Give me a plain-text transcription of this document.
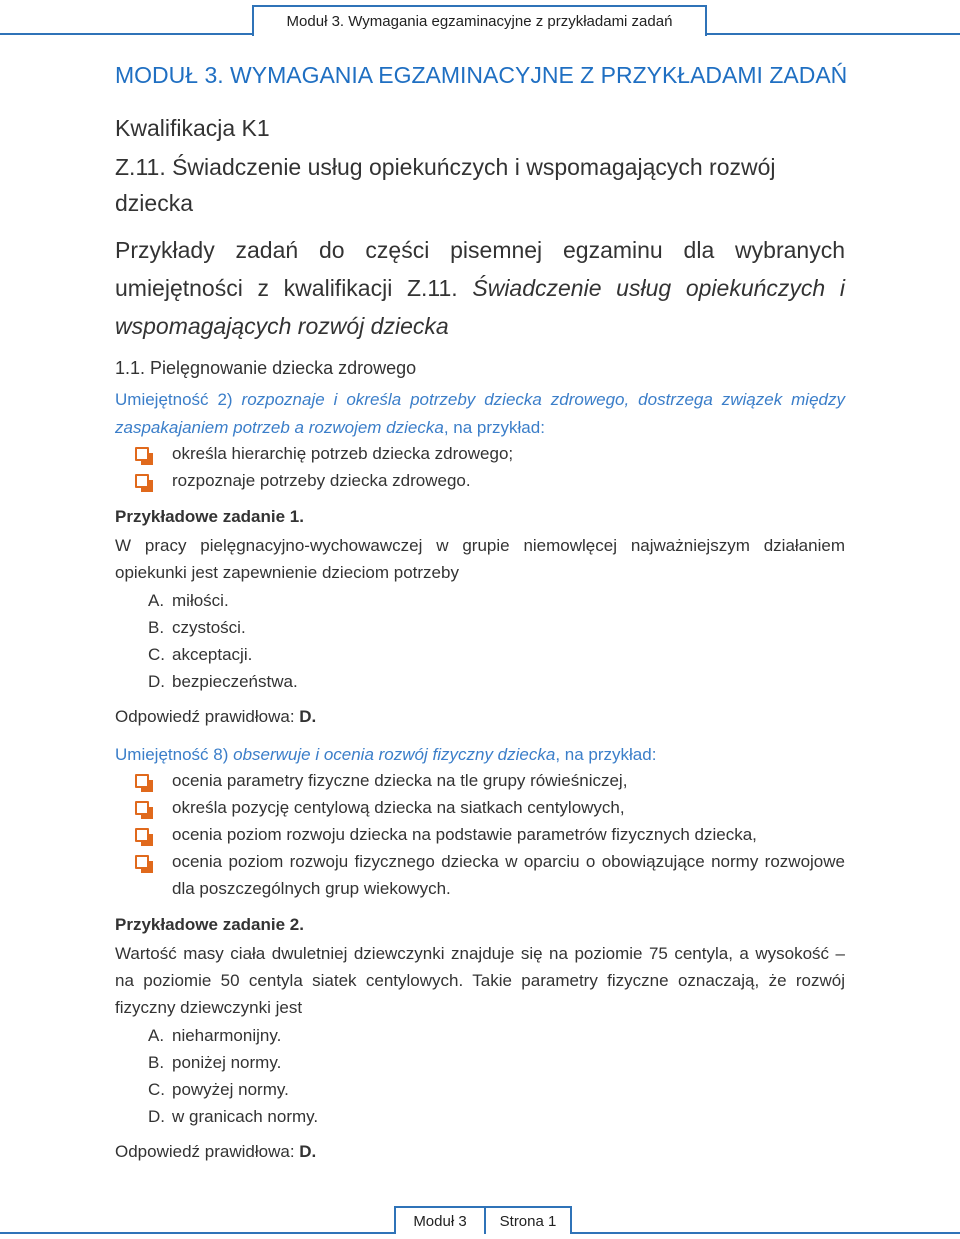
Moduł 3. Wymagania egzaminacyjne z przykładami zadań
MODUŁ 3. WYMAGANIA EGZAMINACYJNE Z PRZYKŁADAMI ZADAŃ
Kwalifikacja K1
Z.11. Świadczenie usług opiekuńczych i wspomagających rozwój dziecka
Przykłady zadań do części pisemnej egzaminu dla wybranych umiejętności z kwalifikacji Z.11. Świadczenie usług opiekuńczych i wspomagających rozwój dziecka
1.1. Pielęgnowanie dziecka zdrowego
Umiejętność 2) rozpoznaje i określa potrzeby dziecka zdrowego, dostrzega związek między zaspakajaniem potrzeb a rozwojem dziecka, na przykład:
określa hierarchię potrzeb dziecka zdrowego;
rozpoznaje potrzeby dziecka zdrowego.
Przykładowe zadanie 1.
W pracy pielęgnacyjno-wychowawczej w grupie niemowlęcej najważniejszym działaniem opiekunki jest zapewnienie dzieciom potrzeby
A. miłości.
B. czystości.
C. akceptacji.
D. bezpieczeństwa.
Odpowiedź prawidłowa: D.
Umiejętność 8) obserwuje i ocenia rozwój fizyczny dziecka, na przykład:
ocenia parametry fizyczne dziecka na tle grupy rówieśniczej,
określa pozycję centylową dziecka na siatkach centylowych,
ocenia poziom rozwoju dziecka na podstawie parametrów fizycznych dziecka,
ocenia poziom rozwoju fizycznego dziecka w oparciu o obowiązujące normy rozwojowe dla poszczególnych grup wiekowych.
Przykładowe zadanie 2.
Wartość masy ciała dwuletniej dziewczynki znajduje się na poziomie 75 centyla, a wysokość – na poziomie 50 centyla siatek centylowych. Takie parametry fizyczne oznaczają, że rozwój fizyczny dziewczynki jest
A. nieharmonijny.
B. poniżej normy.
C. powyżej normy.
D. w granicach normy.
Odpowiedź prawidłowa: D.
Moduł 3 Strona 1
